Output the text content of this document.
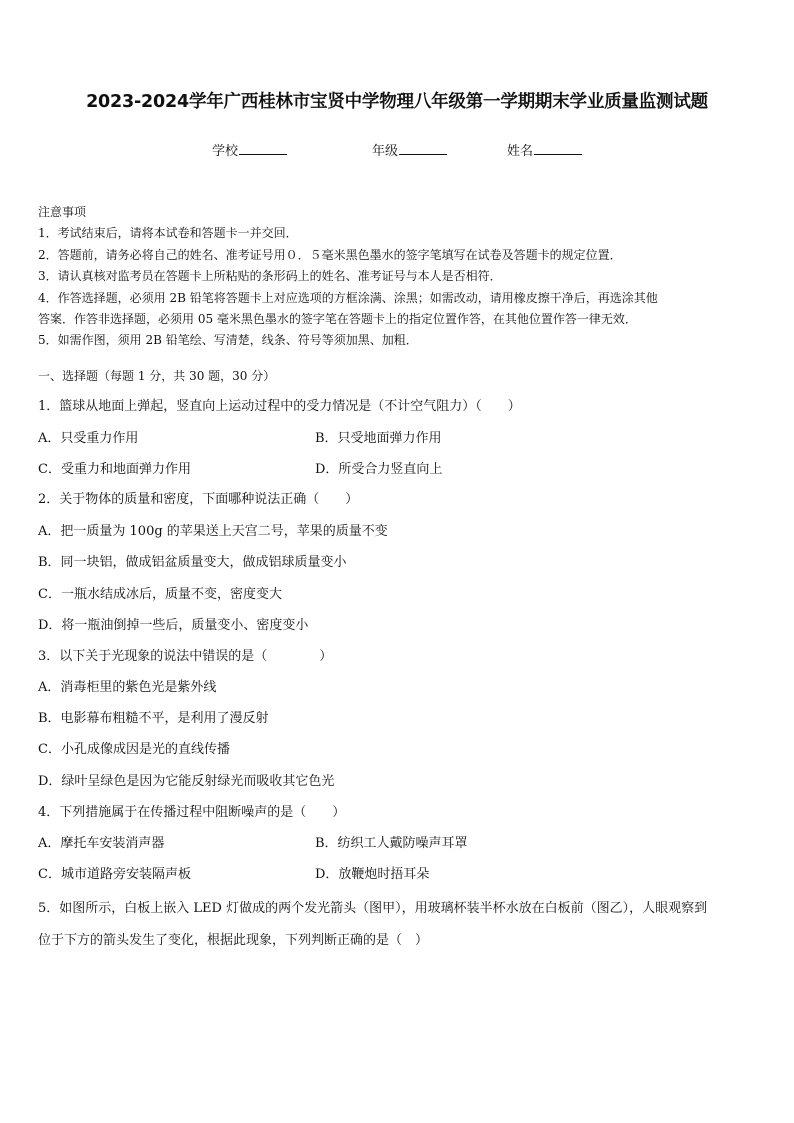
2023-2024学年广西桂林市宝贤中学物理八年级第一学期期末学业质量监测试题
学校	年级	姓名
注意事项
1．考试结束后，请将本试卷和答题卡一并交回．
2．答题前，请务必将自己的姓名、准考证号用０．５毫米黑色墨水的签字笔填写在试卷及答题卡的规定位置．
3．请认真核对监考员在答题卡上所粘贴的条形码上的姓名、准考证号与本人是否相符．
4．作答选择题，必须用 2B 铅笔将答题卡上对应选项的方框涂满、涂黑；如需改动，请用橡皮擦干净后，再选涂其他
答案．作答非选择题，必须用 05 毫米黑色墨水的签字笔在答题卡上的指定位置作答，在其他位置作答一律无效．
5．如需作图，须用 2B 铅笔绘、写清楚，线条、符号等须加黑、加粗．
一、选择题（每题 1 分，共 30 题，30 分）
1．篮球从地面上弹起，竖直向上运动过程中的受力情况是（不计空气阻力）（　　）
A．只受重力作用	B．只受地面弹力作用
C．受重力和地面弹力作用	D．所受合力竖直向上
2．关于物体的质量和密度，下面哪种说法正确（　　）
A．把一质量为 100g 的苹果送上天宫二号，苹果的质量不变
B．同一块铝，做成铝盆质量变大，做成铝球质量变小
C．一瓶水结成冰后，质量不变，密度变大
D．将一瓶油倒掉一些后，质量变小、密度变小
3．以下关于光现象的说法中错误的是（　　　　）
A．消毒柜里的紫色光是紫外线
B．电影幕布粗糙不平，是利用了漫反射
C．小孔成像成因是光的直线传播
D．绿叶呈绿色是因为它能反射绿光而吸收其它色光
4．下列措施属于在传播过程中阻断噪声的是（　　）
A．摩托车安装消声器	B．纺织工人戴防噪声耳罩
C．城市道路旁安装隔声板	D．放鞭炮时捂耳朵
5．如图所示，白板上嵌入 LED 灯做成的两个发光箭头（图甲），用玻璃杯装半杯水放在白板前（图乙），人眼观察到
位于下方的箭头发生了变化，根据此现象，下列判断正确的是（　）
